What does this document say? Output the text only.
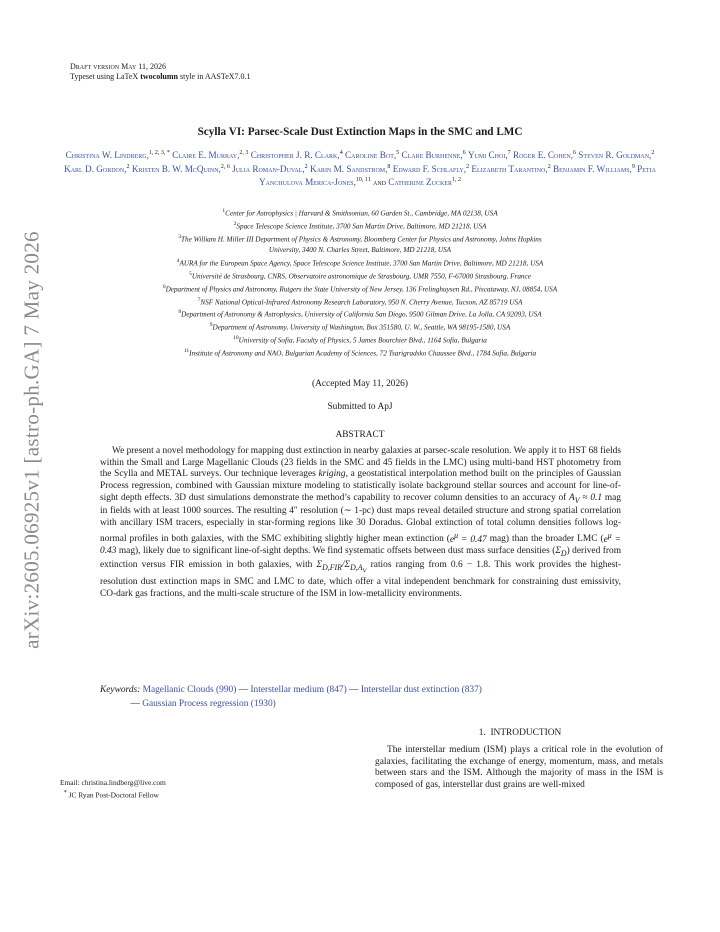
arXiv:2605.06925v1 [astro-ph.GA] 7 May 2026
Draft version May 11, 2026
Typeset using LaTeX twocolumn style in AASTeX7.0.1
Scylla VI: Parsec-Scale Dust Extinction Maps in the SMC and LMC
Christina W. Lindberg,$^{1, 2, 3, *}$ Claire E. Murray,$^{2, 3}$ Christopher J. R. Clark,$^4$ Caroline Bot,$^5$ Clare Burhenne,$^6$ Yumi Choi,$^7$ Roger E. Cohen,$^6$ Steven R. Goldman,$^2$ Karl D. Gordon,$^2$ Kristen B. W. McQuinn,$^{2, 6}$ Julia Roman-Duval,$^2$ Karin M. Sandstrom,$^8$ Edward F. Schlafly,$^2$ Elizabeth Tarantino,$^2$ Benjamin F. Williams,$^9$ Petia Yanchulova Merica-Jones,$^{10, 11}$ and Catherine Zucker$^{1, 2}$
$^1$Center for Astrophysics | Harvard & Smithsonian, 60 Garden St., Cambridge, MA 02138, USA
$^2$Space Telescope Science Institute, 3700 San Martin Drive, Baltimore, MD 21218, USA
$^3$The William H. Miller III Department of Physics & Astronomy, Bloomberg Center for Physics and Astronomy, Johns Hopkins
University, 3400 N. Charles Street, Baltimore, MD 21218, USA
$^4$AURA for the European Space Agency, Space Telescope Science Institute, 3700 San Martin Drive, Baltimore, MD 21218, USA
$^5$Université de Strasbourg, CNRS, Observatoire astronomique de Strasbourg, UMR 7550, F-67000 Strasbourg, France
$^6$Department of Physics and Astronomy, Rutgers the State University of New Jersey, 136 Frelinghuysen Rd., Piscataway, NJ, 08854, USA
$^7$NSF National Optical-Infrared Astronomy Research Laboratory, 950 N. Cherry Avenue, Tucson, AZ 85719 USA
$^8$Department of Astronomy & Astrophysics, University of California San Diego, 9500 Gilman Drive, La Jolla, CA 92093, USA
$^9$Department of Astronomy, University of Washington, Box 351580, U. W., Seattle, WA 98195-1580, USA
$^{10}$University of Sofia, Faculty of Physics, 5 James Bourchier Blvd., 1164 Sofia, Bulgaria
$^{11}$Institute of Astronomy and NAO, Bulgarian Academy of Sciences, 72 Tsarigradsko Chaussee Blvd., 1784 Sofia, Bulgaria
(Accepted May 11, 2026)
Submitted to ApJ
ABSTRACT

We present a novel methodology for mapping dust extinction in nearby galaxies at parsec-scale resolution. We apply it to HST 68 fields within the Small and Large Magellanic Clouds (23 fields in the SMC and 45 fields in the LMC) using multi-band HST photometry from the Scylla and METAL surveys. Our technique leverages kriging, a geostatistical interpolation method built on the principles of Gaussian Process regression, combined with Gaussian mixture modeling to statistically isolate background stellar sources and account for line-of-sight depth effects. 3D dust simulations demonstrate the method’s capability to recover column densities to an accuracy of $A_V \approx 0.1$ mag in fields with at least 1000 sources. The resulting 4″ resolution (∼ 1-pc) dust maps reveal detailed structure and strong spatial correlation with ancillary ISM tracers, especially in star-forming regions like 30 Doradus. Global extinction of total column densities follows log-normal profiles in both galaxies, with the SMC exhibiting slightly higher mean extinction ($e^\mu = 0.47$ mag) than the broader LMC ($e^\mu = 0.43$ mag), likely due to significant line-of-sight depths. We find systematic offsets between dust mass surface densities $(\Sigma_D)$ derived from extinction versus FIR emission in both galaxies, with $\Sigma_{D,FIR}/\Sigma_{D,A_V}$ ratios ranging from 0.6 − 1.8. This work provides the highest-resolution dust extinction maps in SMC and LMC to date, which offer a vital independent benchmark for constraining dust emissivity, CO-dark gas fractions, and the multi-scale structure of the ISM in low-metallicity environments.

Keywords: Magellanic Clouds (990) — Interstellar medium (847) — Interstellar dust extinction (837)
— Gaussian Process regression (1930)
1. INTRODUCTION

The interstellar medium (ISM) plays a critical role in the evolution of galaxies, facilitating the exchange of energy, momentum, mass, and metals between stars and the ISM. Although the majority of mass in the ISM is composed of gas, interstellar dust grains are well-mixed

Email: christina.lindberg@live.com
* JC Ryan Post-Doctoral Fellow
